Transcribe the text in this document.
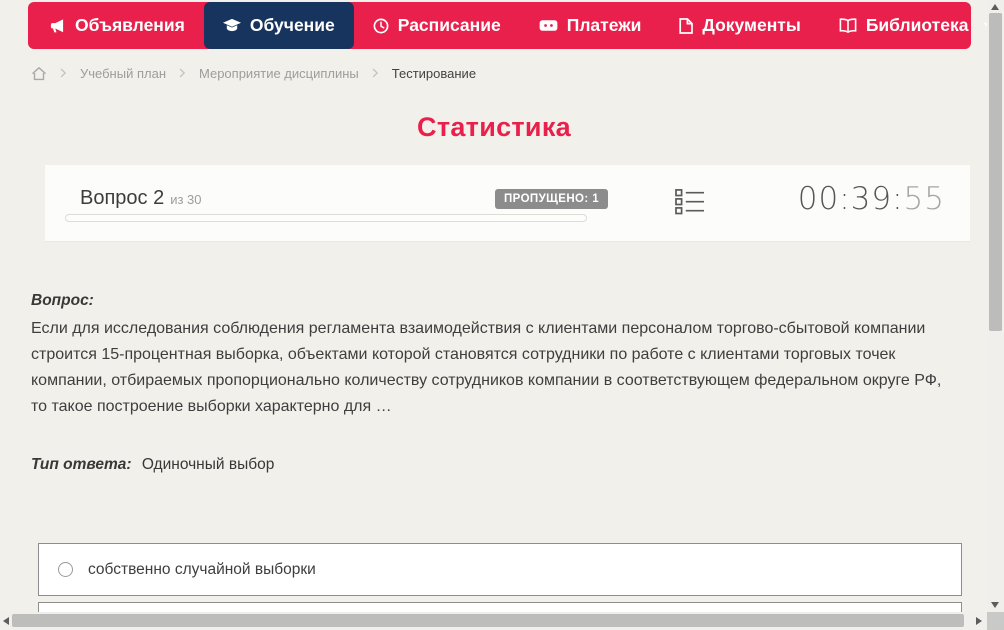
Объявления	Обучение	Расписание	Платежи	Документы	Библиотека
Учебный план	Мероприятие дисциплины	Тестирование
Статистика
Вопрос 2 из 30	ПРОПУЩЕНО: 1	00:39:55
Вопрос:

Если для исследования соблюдения регламента взаимодействия с клиентами персоналом торгово-сбытовой компании строится 15-процентная выборка, объектами которой становятся сотрудники по работе с клиентами торговых точек компании, отбираемых пропорционально количеству сотрудников компании в соответствующем федеральном округе РФ, то такое построение выборки характерно для …

Тип ответа: Одиночный выбор
собственно случайной выборки
